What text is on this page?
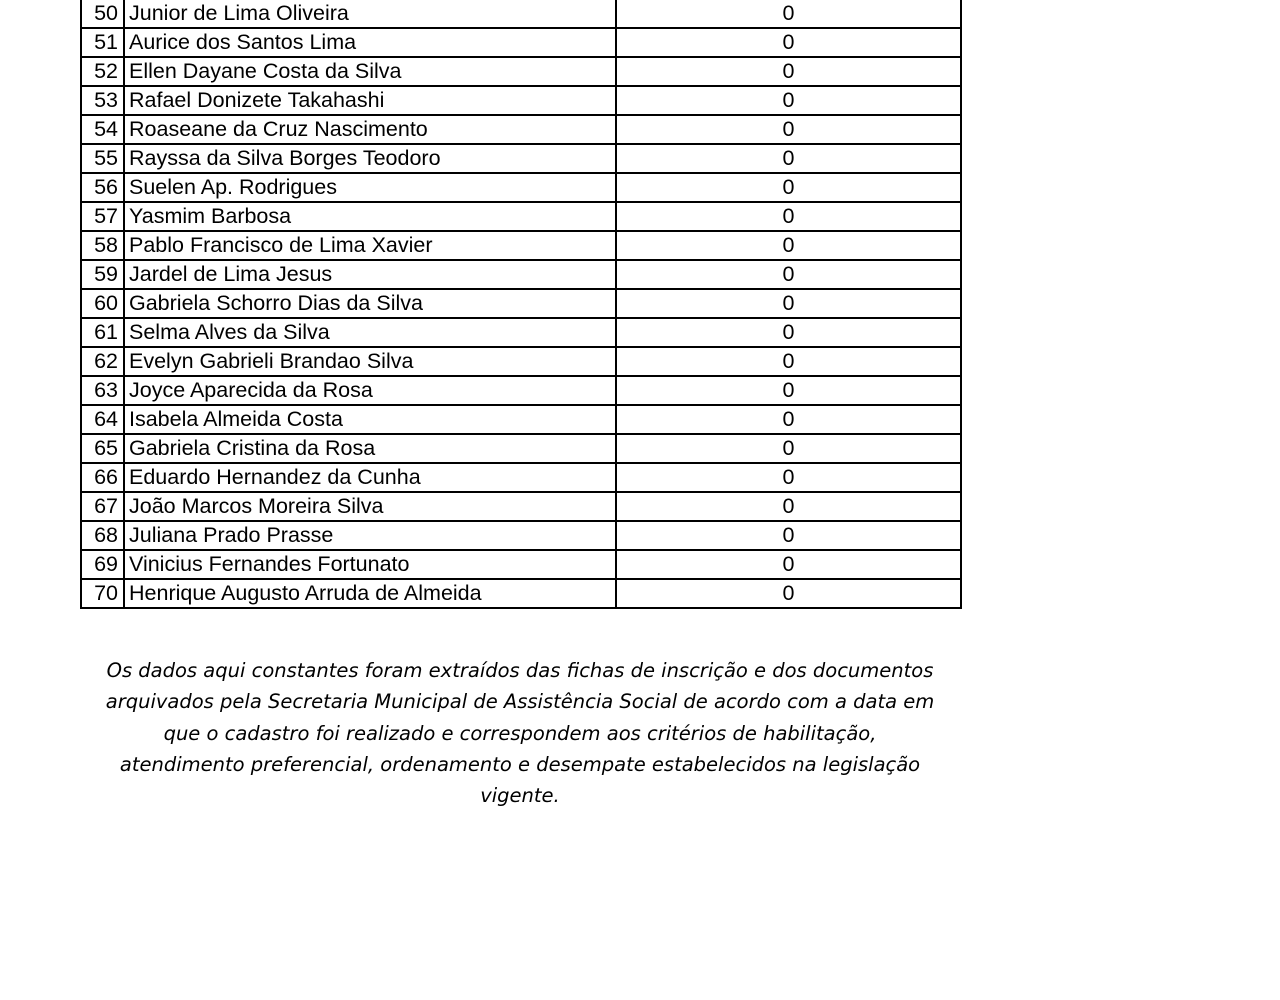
50	Junior de Lima Oliveira	0
51	Aurice dos Santos Lima	0
52	Ellen Dayane Costa da Silva	0
53	Rafael Donizete Takahashi	0
54	Roaseane da Cruz Nascimento	0
55	Rayssa da Silva Borges Teodoro	0
56	Suelen Ap. Rodrigues	0
57	Yasmim Barbosa	0
58	Pablo Francisco de Lima Xavier	0
59	Jardel de Lima Jesus	0
60	Gabriela Schorro Dias da Silva	0
61	Selma Alves da Silva	0
62	Evelyn Gabrieli Brandao Silva	0
63	Joyce Aparecida da Rosa	0
64	Isabela Almeida Costa	0
65	Gabriela Cristina da Rosa	0
66	Eduardo Hernandez da Cunha	0
67	João Marcos Moreira Silva	0
68	Juliana Prado Prasse	0
69	Vinicius Fernandes Fortunato	0
70	Henrique Augusto Arruda de Almeida	0
Os dados aqui constantes foram extraídos das fichas de inscrição e dos documentos
arquivados pela Secretaria Municipal de Assistência Social de acordo com a data em
que o cadastro foi realizado e correspondem aos critérios de habilitação,
atendimento preferencial, ordenamento e desempate estabelecidos na legislação
vigente.
